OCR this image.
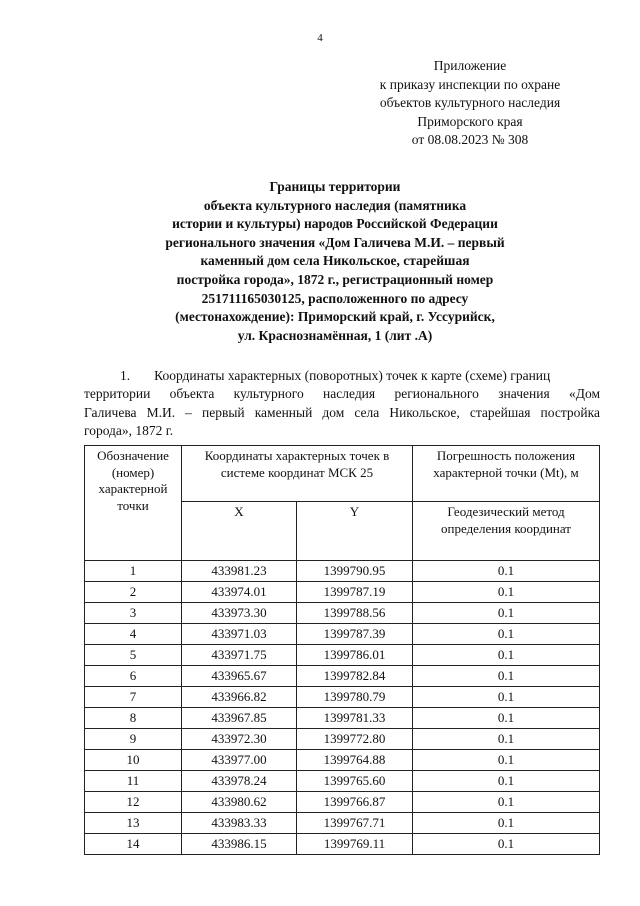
4
Приложение
к приказу инспекции по охране
объектов культурного наследия
Приморского края
от 08.08.2023 № 308
Границы территории
объекта культурного наследия (памятника
истории и культуры) народов Российской Федерации
регионального значения «Дом Галичева М.И. – первый
каменный дом села Никольское, старейшая
постройка города», 1872 г., регистрационный номер
251711165030125, расположенного по адресу
(местонахождение): Приморский край, г. Уссурийск,
ул. Краснознамённая, 1 (лит .А)
1. Координаты характерных (поворотных) точек к карте (схеме) границ
территории объекта культурного наследия регионального значения «Дом
Галичева М.И. – первый каменный дом села Никольское, старейшая постройка
города», 1872 г.
Обозначение (номер) характерной точки	Координаты характерных точек в системе координат МСК 25		Погрешность положения характерной точки (Mt), м
	X	Y	Геодезический метод определения координат

1	433981.23	1399790.95	0.1
2	433974.01	1399787.19	0.1
3	433973.30	1399788.56	0.1
4	433971.03	1399787.39	0.1
5	433971.75	1399786.01	0.1
6	433965.67	1399782.84	0.1
7	433966.82	1399780.79	0.1
8	433967.85	1399781.33	0.1
9	433972.30	1399772.80	0.1
10	433977.00	1399764.88	0.1
11	433978.24	1399765.60	0.1
12	433980.62	1399766.87	0.1
13	433983.33	1399767.71	0.1
14	433986.15	1399769.11	0.1
